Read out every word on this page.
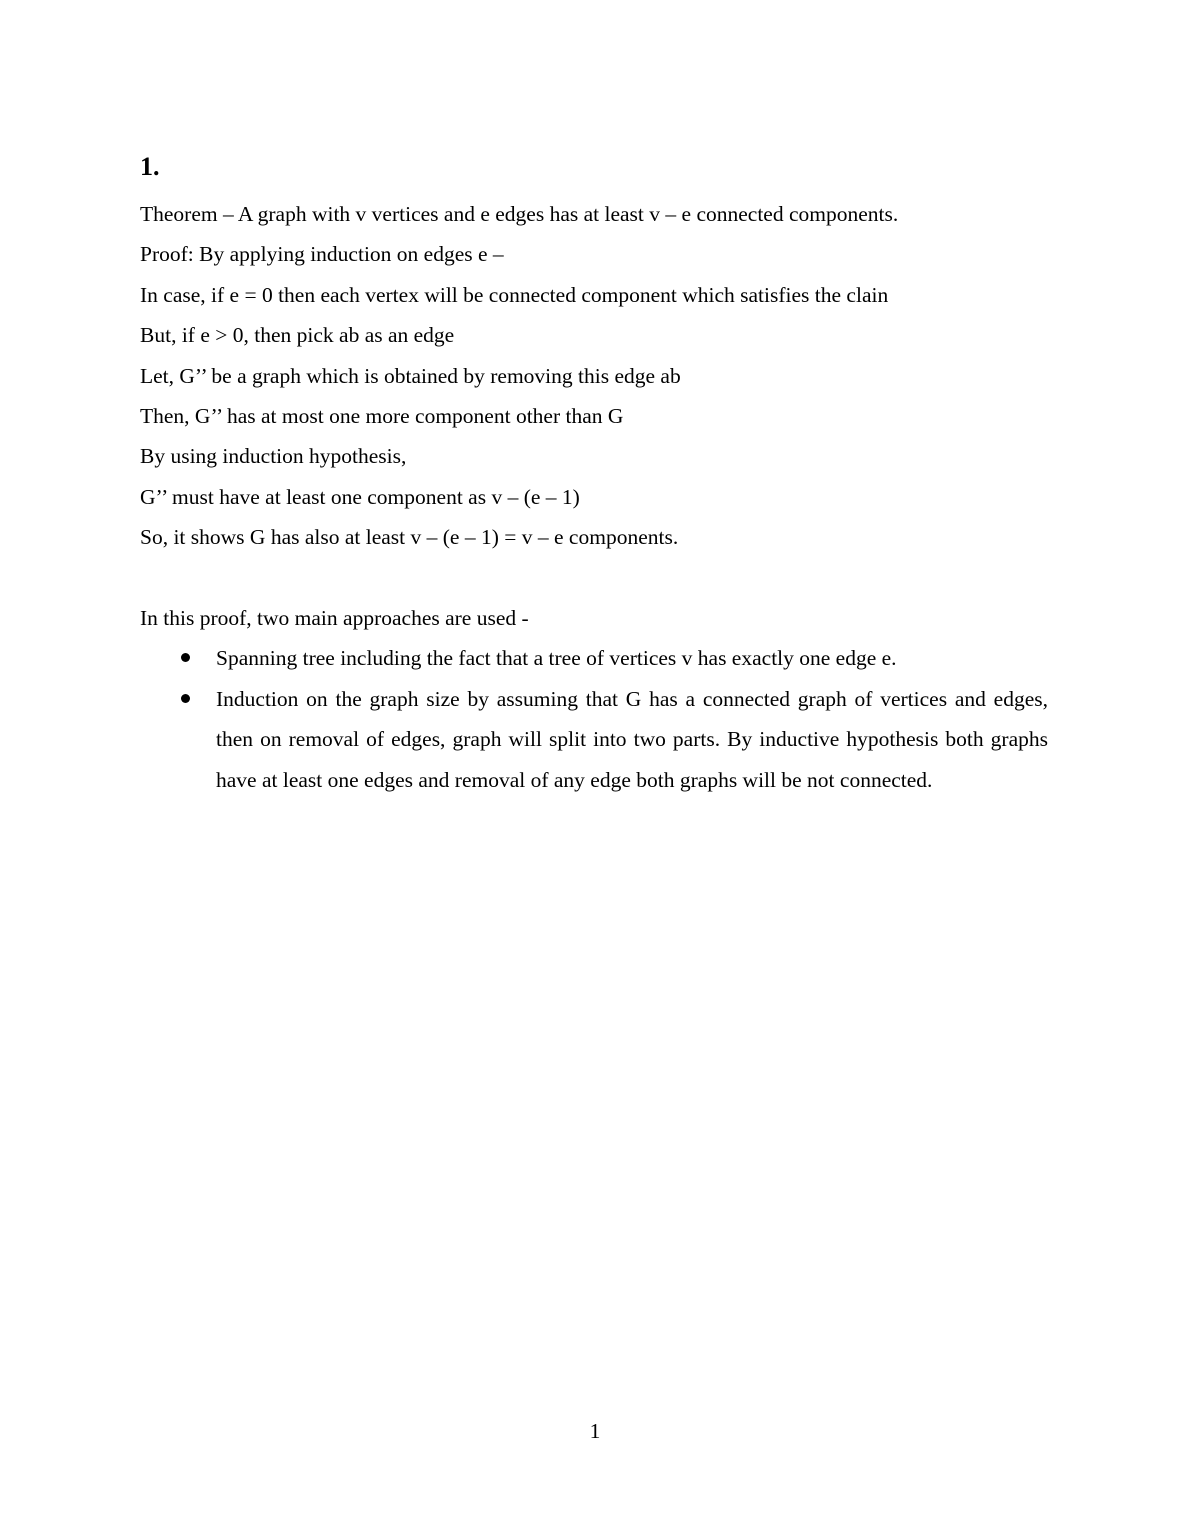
1.

Theorem – A graph with v vertices and e edges has at least v – e connected components.

Proof: By applying induction on edges e –

In case, if e = 0 then each vertex will be connected component which satisfies the clain

But, if e > 0, then pick ab as an edge

Let, G’’ be a graph which is obtained by removing this edge ab

Then, G’’ has at most one more component other than G

By using induction hypothesis,

G’’ must have at least one component as v – (e – 1)

So, it shows G has also at least v – (e – 1) = v – e components.

In this proof, two main approaches are used -

Spanning tree including the fact that a tree of vertices v has exactly one edge e.
Induction on the graph size by assuming that G has a connected graph of vertices and edges, then on removal of edges, graph will split into two parts. By inductive hypothesis both graphs have at least one edges and removal of any edge both graphs will be not connected.
1
